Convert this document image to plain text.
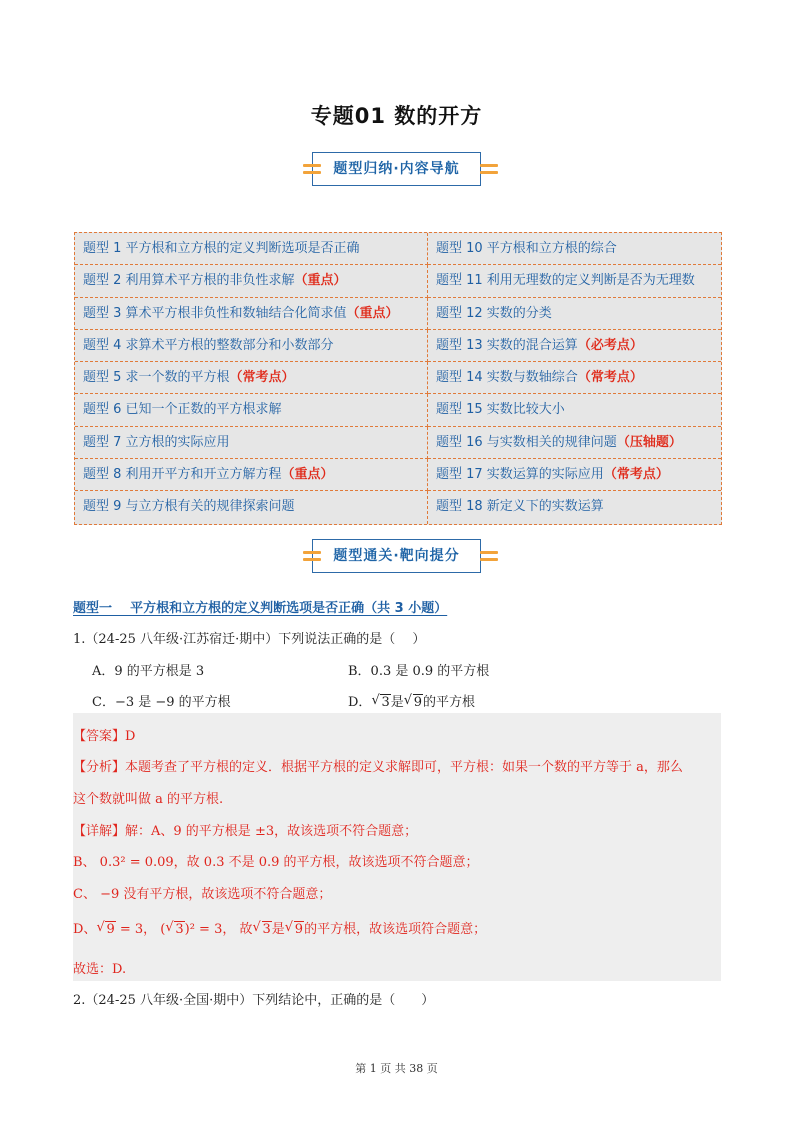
专题01 数的开方
题型归纳·内容导航
题型 1 平方根和立方根的定义判断选项是否正确	题型 10 平方根和立方根的综合
题型 2 利用算术平方根的非负性求解（重点）	题型 11 利用无理数的定义判断是否为无理数
题型 3 算术平方根非负性和数轴结合化简求值（重点）	题型 12 实数的分类
题型 4 求算术平方根的整数部分和小数部分	题型 13 实数的混合运算（必考点）
题型 5 求一个数的平方根（常考点）	题型 14 实数与数轴综合（常考点）
题型 6 已知一个正数的平方根求解	题型 15 实数比较大小
题型 7 立方根的实际应用	题型 16 与实数相关的规律问题（压轴题）
题型 8 利用开平方和开立方解方程（重点）	题型 17 实数运算的实际应用（常考点）
题型 9 与立方根有关的规律探索问题	题型 18 新定义下的实数运算
题型通关·靶向提分
题型一    平方根和立方根的定义判断选项是否正确（共 3 小题）
1.（24-25 八年级·江苏宿迁·期中）下列说法正确的是（　 ）
A．9 的平方根是 3	B．0.3 是 0.9 的平方根
C．−3 是 −9 的平方根	D． √ 3是 √ 9的平方根
【答案】D
【分析】本题考查了平方根的定义．根据平方根的定义求解即可，平方根：如果一个数的平方等于 a，那么
这个数就叫做 a 的平方根.
【详解】解：A、9 的平方根是 ±3，故该选项不符合题意；
B、 0.3² = 0.09，故 0.3 不是 0.9 的平方根，故该选项不符合题意；
C、 −9 没有平方根，故该选项不符合题意；
D、 √ 9 = 3， ( √ 3)² = 3， 故 √ 3是 √ 9的平方根，故该选项符合题意；
故选：D.
2.（24-25 八年级·全国·期中）下列结论中，正确的是（　　）
第 1 页 共 38 页
